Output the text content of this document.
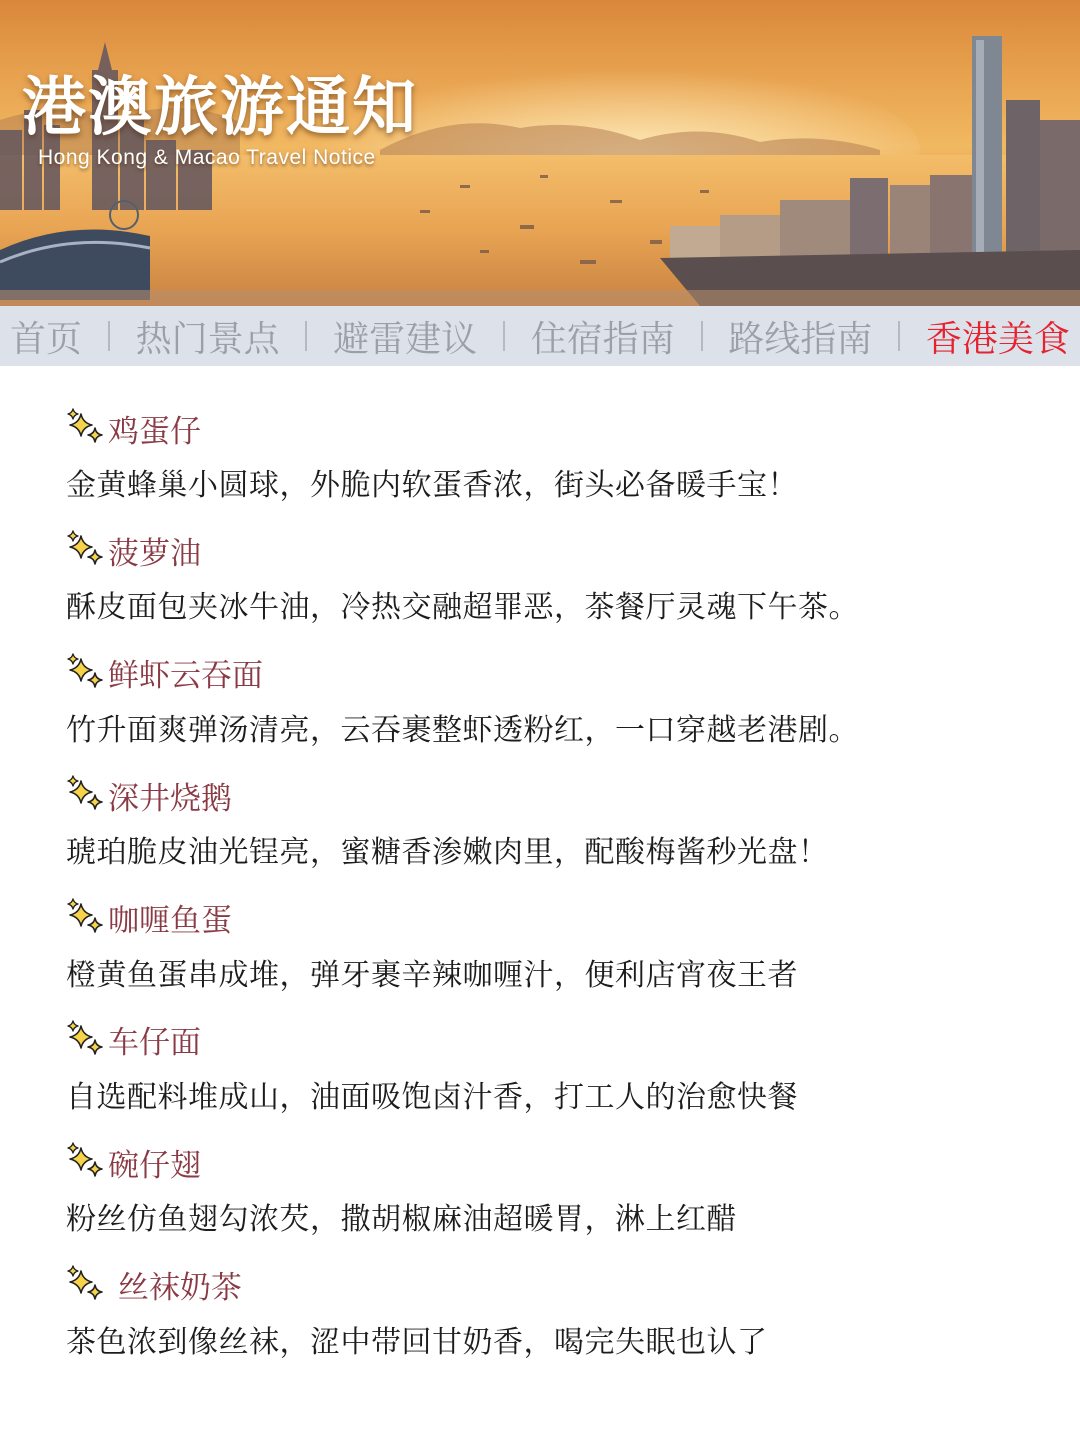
港澳旅游通知
Hong Kong & Macao Travel Notice
首页 热门景点 避雷建议 住宿指南 路线指南 香港美食
鸡蛋仔
金黄蜂巢小圆球，外脆内软蛋香浓，街头必备暖手宝！
菠萝油
酥皮面包夹冰牛油，冷热交融超罪恶，茶餐厅灵魂下午茶。
鲜虾云吞面
竹升面爽弹汤清亮，云吞裹整虾透粉红，一口穿越老港剧。
深井烧鹅
琥珀脆皮油光锃亮，蜜糖香渗嫩肉里，配酸梅酱秒光盘！
咖喱鱼蛋
橙黄鱼蛋串成堆，弹牙裹辛辣咖喱汁，便利店宵夜王者
车仔面
自选配料堆成山，油面吸饱卤汁香，打工人的治愈快餐
碗仔翅
粉丝仿鱼翅勾浓芡，撒胡椒麻油超暖胃，淋上红醋
丝袜奶茶
茶色浓到像丝袜，涩中带回甘奶香，喝完失眠也认了
